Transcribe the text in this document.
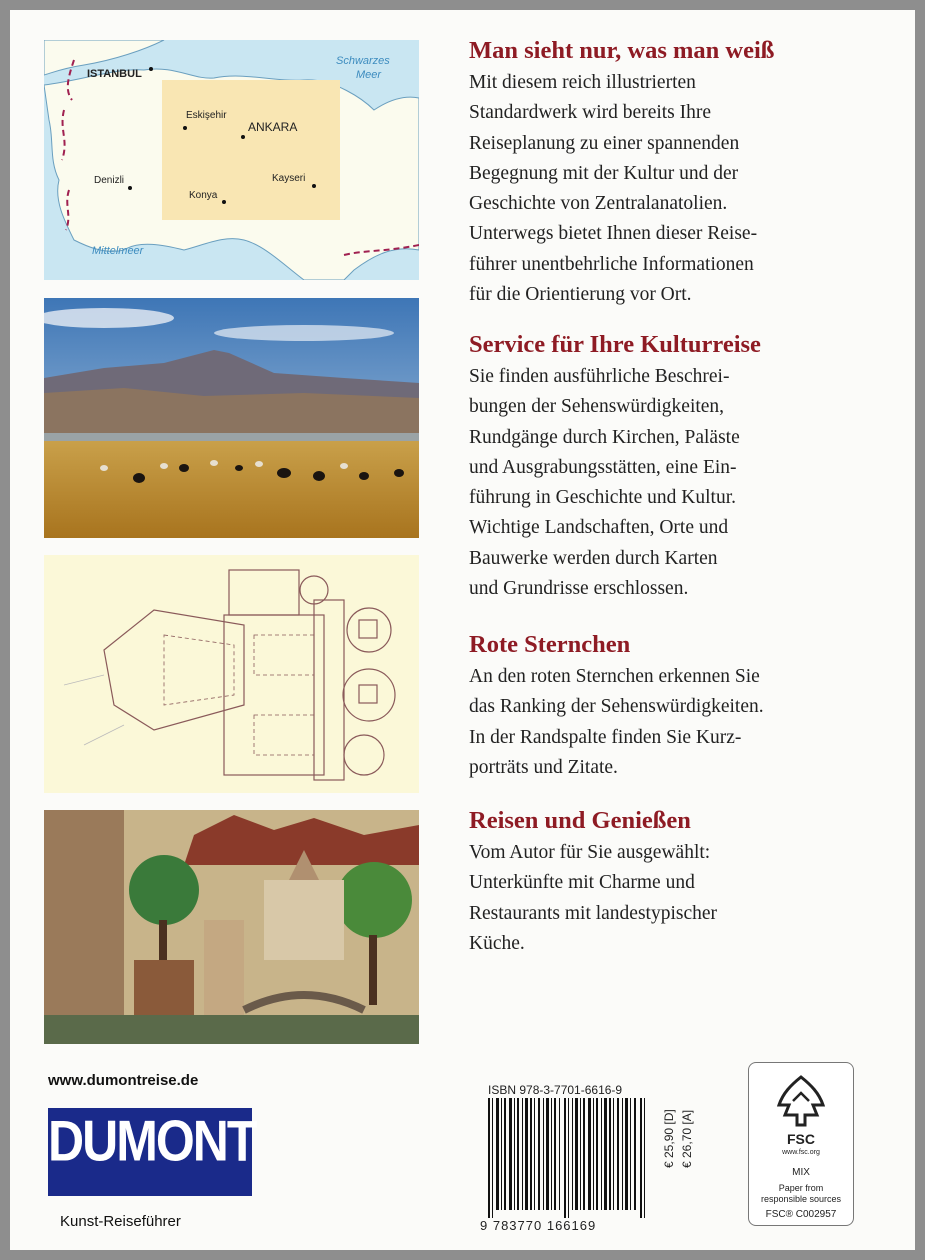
ISTANBUL
ANKARA
Eskişehir
Denizli
Konya
Kayseri
Schwarzes
Meer
Mittelmeer
Man sieht nur, was man weiß

Mit diesem reich illustrierten
Standardwerk wird bereits Ihre
Reiseplanung zu einer spannenden
Begegnung mit der Kultur und der
Geschichte von Zentralanatolien.
Unterwegs bietet Ihnen dieser Reise-
führer unentbehrliche Informationen
für die Orientierung vor Ort.

Service für Ihre Kulturreise

Sie finden ausführliche Beschrei-
bungen der Sehenswürdigkeiten,
Rundgänge durch Kirchen, Paläste
und Ausgrabungsstätten, eine Ein-
führung in Geschichte und Kultur.
Wichtige Landschaften, Orte und
Bauwerke werden durch Karten
und Grundrisse erschlossen.

Rote Sternchen

An den roten Sternchen erkennen Sie
das Ranking der Sehenswürdigkeiten.
In der Randspalte finden Sie Kurz-
porträts und Zitate.

Reisen und Genießen

Vom Autor für Sie ausgewählt:
Unterkünfte mit Charme und
Restaurants mit landestypischer
Küche.

www.dumontreise.de
DUMONT
Kunst-Reiseführer
ISBN 978-3-7701-6616-9
9 783770 166169
€ 25,90 [D] € 26,70 [A]	FSC
www.fsc.org
MIX
Paper from
responsible sources
FSC® C002957
